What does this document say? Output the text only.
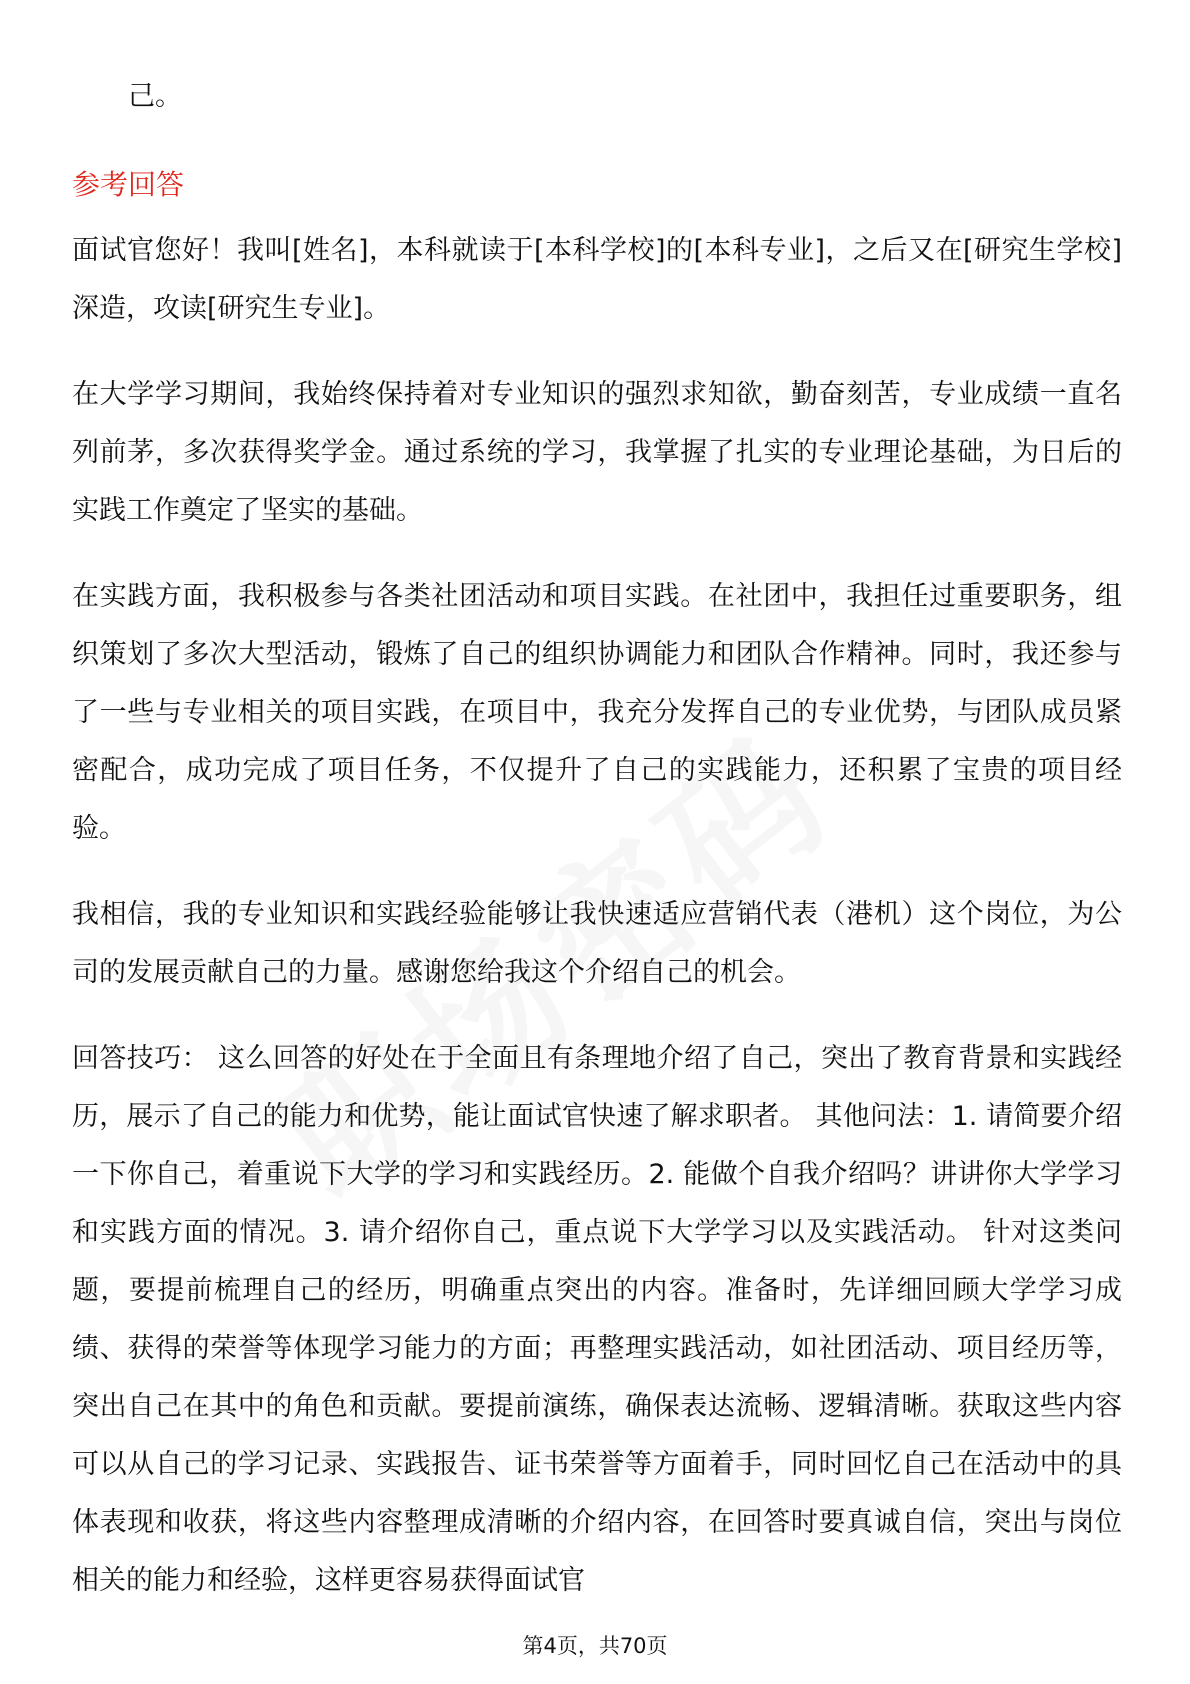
己。

参考回答

面试官您好！我叫[姓名]，本科就读于[本科学校]的[本科专业]，之后又在[研究生学校]深造，攻读[研究生专业]。

在大学学习期间，我始终保持着对专业知识的强烈求知欲，勤奋刻苦，专业成绩一直名列前茅，多次获得奖学金。通过系统的学习，我掌握了扎实的专业理论基础，为日后的实践工作奠定了坚实的基础。

在实践方面，我积极参与各类社团活动和项目实践。在社团中，我担任过重要职务，组织策划了多次大型活动，锻炼了自己的组织协调能力和团队合作精神。同时，我还参与了一些与专业相关的项目实践，在项目中，我充分发挥自己的专业优势，与团队成员紧密配合，成功完成了项目任务，不仅提升了自己的实践能力，还积累了宝贵的项目经验。

我相信，我的专业知识和实践经验能够让我快速适应营销代表（港机）这个岗位，为公司的发展贡献自己的力量。感谢您给我这个介绍自己的机会。

回答技巧： 这么回答的好处在于全面且有条理地介绍了自己，突出了教育背景和实践经历，展示了自己的能力和优势，能让面试官快速了解求职者。 其他问法：1. 请简要介绍一下你自己，着重说下大学的学习和实践经历。2. 能做个自我介绍吗？讲讲你大学学习和实践方面的情况。3. 请介绍你自己，重点说下大学学习以及实践活动。 针对这类问题，要提前梳理自己的经历，明确重点突出的内容。准备时，先详细回顾大学学习成绩、获得的荣誉等体现学习能力的方面；再整理实践活动，如社团活动、项目经历等，突出自己在其中的角色和贡献。要提前演练，确保表达流畅、逻辑清晰。获取这些内容可以从自己的学习记录、实践报告、证书荣誉等方面着手，同时回忆自己在活动中的具体表现和收获，将这些内容整理成清晰的介绍内容，在回答时要真诚自信，突出与岗位相关的能力和经验，这样更容易获得面试官

第4页，共70页
